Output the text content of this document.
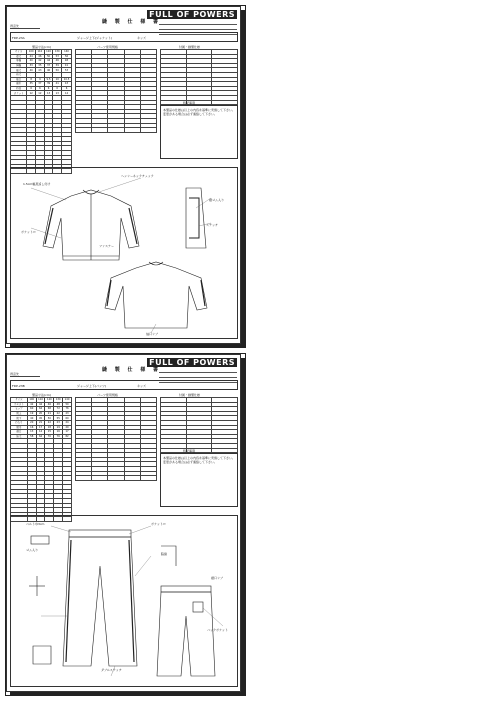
FULL OF POWERS
縫 製 仕 様 書
得意先
FDP-23A	ジャージ上下(ジャケット)	キッズ
製品寸法(cm)
サイズ	100	110	120	130	140
着丈	44	46	50	53	56
身幅	40	42	44	46	48
肩幅	33	35	37	39	41
袖丈	40	43	46	50	53
裄丈					
袖口	8	9	9.5	10	10.5
裾巾	35	37	39	41	43
衿高	6	6	6	6	6
ポケット	12	12	13	13	14

パーツ使用規格

					付属・縫製仕様

特記事項
本製品の仕様は以上の内容を基準に実施して下さい。変更がある場合は必ず連絡して下さい。
1.5cm幅見返し付け
ヘンリーネックチェック
裾ゴム入り
ファスナー
ポケットロ
ステッチ
袖口リブ
FULL OF POWERS
縫 製 仕 様 書
得意先
FDP-23B	ジャージ上下(パンツ)	キッズ
製品寸法(cm)
サイズ	100	110	120	130	140
ウエスト	42	44	46	48	50
ヒップ	60	64	68	72	76
股上	19	20	21	22	23
股下	40	45	50	55	60
わたり	20	21	22	23	24
膝巾	16	17	18	19	20
裾口	13	14	15	16	17
総丈	58	64	70	76	82

パーツ使用規格

					付属・縫製仕様

特記事項
本製品の仕様は以上の内容を基準に実施して下さい。変更がある場合は必ず連絡して下さい。
ベルト巾3cm
ゴム入り
ポケットロ
脇線
裾口リブ
ダブルステッチ
バックポケット
